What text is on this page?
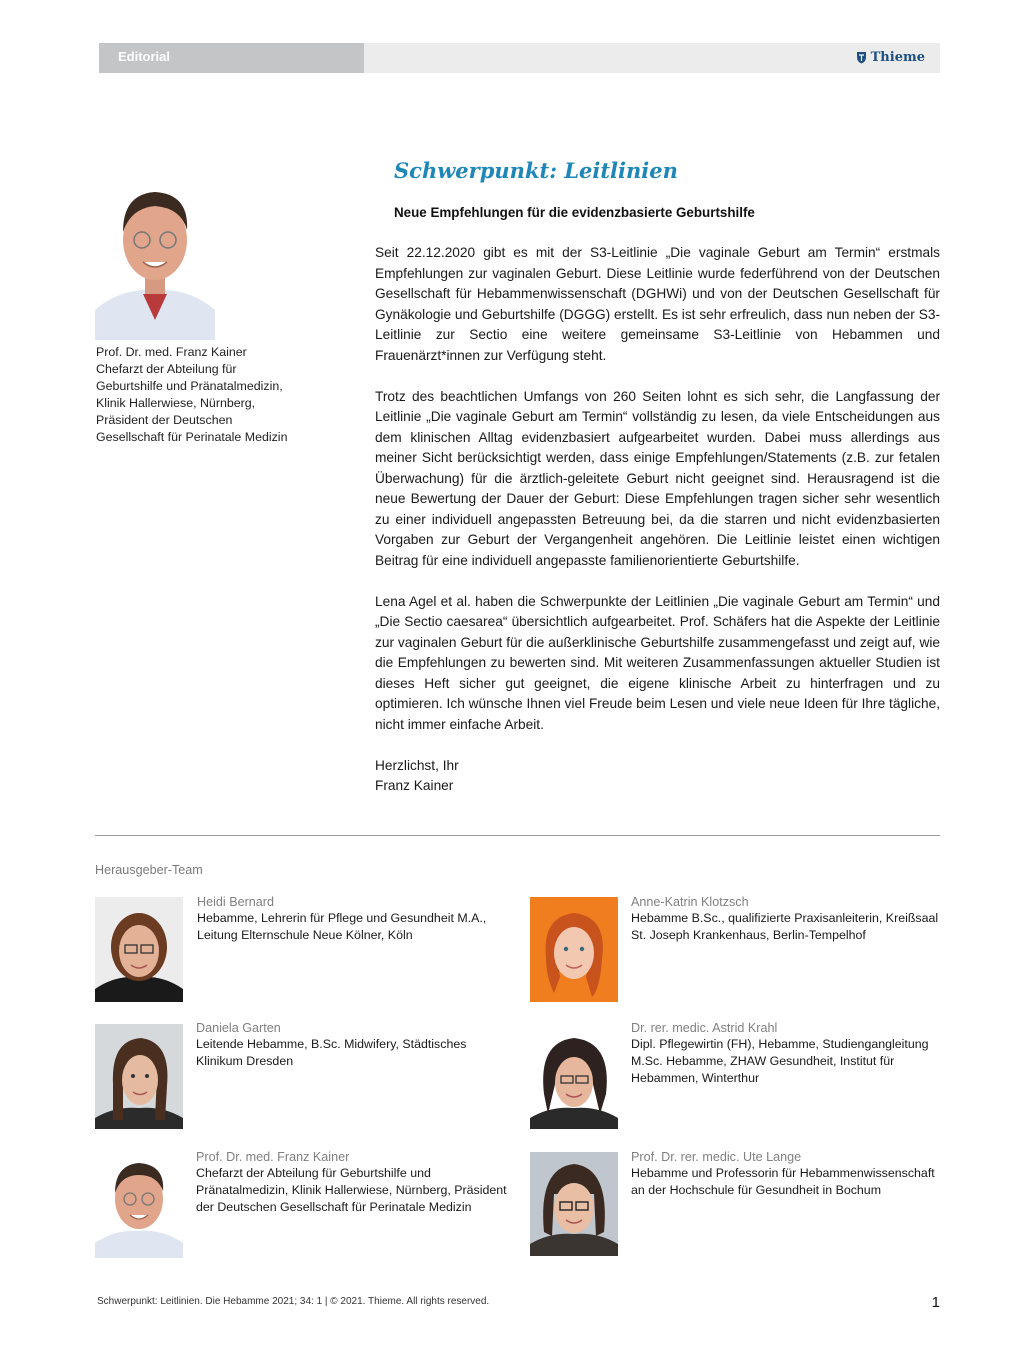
Editorial	Thieme
Prof. Dr. med. Franz Kainer
Chefarzt der Abteilung für
Geburtshilfe und Pränatalmedizin,
Klinik Hallerwiese, Nürnberg,
Präsident der Deutschen
Gesellschaft für Perinatale Medizin
Schwerpunkt: Leitlinien
Neue Empfehlungen für die evidenzbasierte Geburtshilfe

Seit 22.12.2020 gibt es mit der S3-Leitlinie „Die vaginale Geburt am Termin“ erstmals Empfehlungen zur vaginalen Geburt. Diese Leitlinie wurde federführend von der Deutschen Gesellschaft für Hebammenwissenschaft (DGHWi) und von der Deutschen Gesellschaft für Gynäkologie und Geburtshilfe (DGGG) erstellt. Es ist sehr erfreulich, dass nun neben der S3-Leitlinie zur Sectio eine weitere gemeinsame S3-Leitlinie von Hebammen und Frauenärzt*innen zur Verfügung steht.

Trotz des beachtlichen Umfangs von 260 Seiten lohnt es sich sehr, die Langfassung der Leitlinie „Die vaginale Geburt am Termin“ vollständig zu lesen, da viele Entscheidungen aus dem klinischen Alltag evidenzbasiert aufgearbeitet wurden. Dabei muss allerdings aus meiner Sicht berücksichtigt werden, dass einige Empfehlungen/Statements (z.B. zur fetalen Überwachung) für die ärztlich-geleitete Geburt nicht geeignet sind. Herausragend ist die neue Bewertung der Dauer der Geburt: Diese Empfehlungen tragen sicher sehr wesentlich zu einer individuell angepassten Betreuung bei, da die starren und nicht evidenzbasierten Vorgaben zur Geburt der Vergangenheit angehören. Die Leitlinie leistet einen wichtigen Beitrag für eine individuell angepasste familienorientierte Geburtshilfe.

Lena Agel et al. haben die Schwerpunkte der Leitlinien „Die vaginale Geburt am Termin“ und „Die Sectio caesarea“ übersichtlich aufgearbeitet. Prof. Schäfers hat die Aspekte der Leitlinie zur vaginalen Geburt für die außerklinische Geburtshilfe zusammengefasst und zeigt auf, wie die Empfehlungen zu bewerten sind. Mit weiteren Zusammenfassungen aktueller Studien ist dieses Heft sicher gut geeignet, die eigene klinische Arbeit zu hinterfragen und zu optimieren. Ich wünsche Ihnen viel Freude beim Lesen und viele neue Ideen für Ihre tägliche, nicht immer einfache Arbeit.

Herzlichst, Ihr
Franz Kainer
Herausgeber-Team
Heidi Bernard
Hebamme, Lehrerin für Pflege und Gesundheit M.A., Leitung Elternschule Neue Kölner, Köln
Anne-Katrin Klotzsch
Hebamme B.Sc., qualifizierte Praxisanleiterin, Kreißsaal St. Joseph Krankenhaus, Berlin-Tempelhof
Daniela Garten
Leitende Hebamme, B.Sc. Midwifery, Städtisches Klinikum Dresden
Dr. rer. medic. Astrid Krahl
Dipl. Pflegewirtin (FH), Hebamme, Studiengangleitung M.Sc. Hebamme, ZHAW Gesundheit, Institut für Hebammen, Winterthur
Prof. Dr. med. Franz Kainer
Chefarzt der Abteilung für Geburtshilfe und Pränatalmedizin, Klinik Hallerwiese, Nürnberg, Präsident der Deutschen Gesellschaft für Perinatale Medizin
Prof. Dr. rer. medic. Ute Lange
Hebamme und Professorin für Hebammenwissenschaft an der Hochschule für Gesundheit in Bochum
Schwerpunkt: Leitlinien. Die Hebamme 2021; 34: 1 | © 2021. Thieme. All rights reserved.	1
